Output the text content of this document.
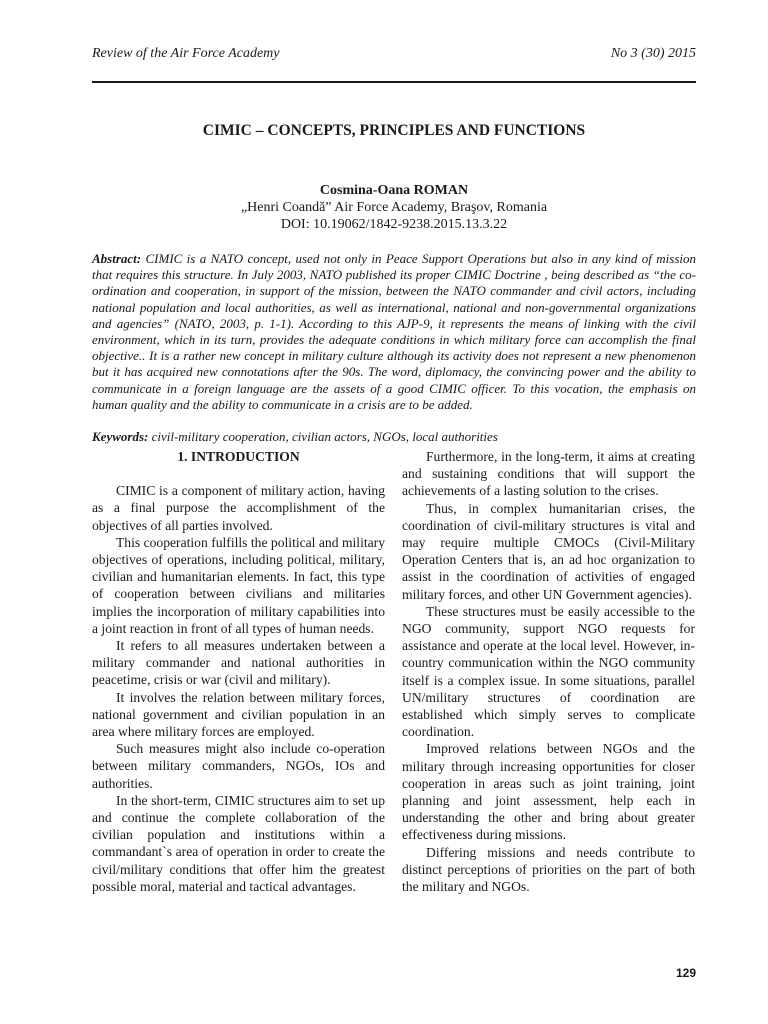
Review of the Air Force Academy	No 3 (30) 2015
CIMIC – CONCEPTS, PRINCIPLES AND FUNCTIONS
Cosmina-Oana ROMAN
„Henri Coandă” Air Force Academy, Braşov, Romania
DOI: 10.19062/1842-9238.2015.13.3.22
Abstract: CIMIC is a NATO concept, used not only in Peace Support Operations but also in any kind of mission that requires this structure. In July 2003, NATO published its proper CIMIC Doctrine , being described as “the co-ordination and cooperation, in support of the mission, between the NATO commander and civil actors, including national population and local authorities, as well as international, national and non-governmental organizations and agencies” (NATO, 2003, p. 1-1). According to this AJP-9, it represents the means of linking with the civil environment, which in its turn, provides the adequate conditions in which military force can accomplish the final objective.. It is a rather new concept in military culture although its activity does not represent a new phenomenon but it has acquired new connotations after the 90s. The word, diplomacy, the convincing power and the ability to communicate in a foreign language are the assets of a good CIMIC officer. To this vocation, the emphasis on human quality and the ability to communicate in a crisis are to be added.
Keywords: civil-military cooperation, civilian actors, NGOs, local authorities
1. INTRODUCTION

CIMIC is a component of military action, having as a final purpose the accomplishment of the objectives of all parties involved.

This cooperation fulfills the political and military objectives of operations, including political, military, civilian and humanitarian elements. In fact, this type of cooperation between civilians and militaries implies the incorporation of military capabilities into a joint reaction in front of all types of human needs.

It refers to all measures undertaken between a military commander and national authorities in peacetime, crisis or war (civil and military).

It involves the relation between military forces, national government and civilian population in an area where military forces are employed.

Such measures might also include co-operation between military commanders, NGOs, IOs and authorities.

In the short-term, CIMIC structures aim to set up and continue the complete collaboration of the civilian population and institutions within a commandant`s area of operation in order to create the civil/military conditions that offer him the greatest possible moral, material and tactical advantages.

Furthermore, in the long-term, it aims at creating and sustaining conditions that will support the achievements of a lasting solution to the crises.

Thus, in complex humanitarian crises, the coordination of civil-military structures is vital and may require multiple CMOCs (Civil-Military Operation Centers that is, an ad hoc organization to assist in the coordination of activities of engaged military forces, and other UN Government agencies).

These structures must be easily accessible to the NGO community, support NGO requests for assistance and operate at the local level. However, in-country communication within the NGO community itself is a complex issue. In some situations, parallel UN/military structures of coordination are established which simply serves to complicate coordination.

Improved relations between NGOs and the military through increasing opportunities for closer cooperation in areas such as joint training, joint planning and joint assessment, help each in understanding the other and bring about greater effectiveness during missions.

Differing missions and needs contribute to distinct perceptions of priorities on the part of both the military and NGOs.

129
